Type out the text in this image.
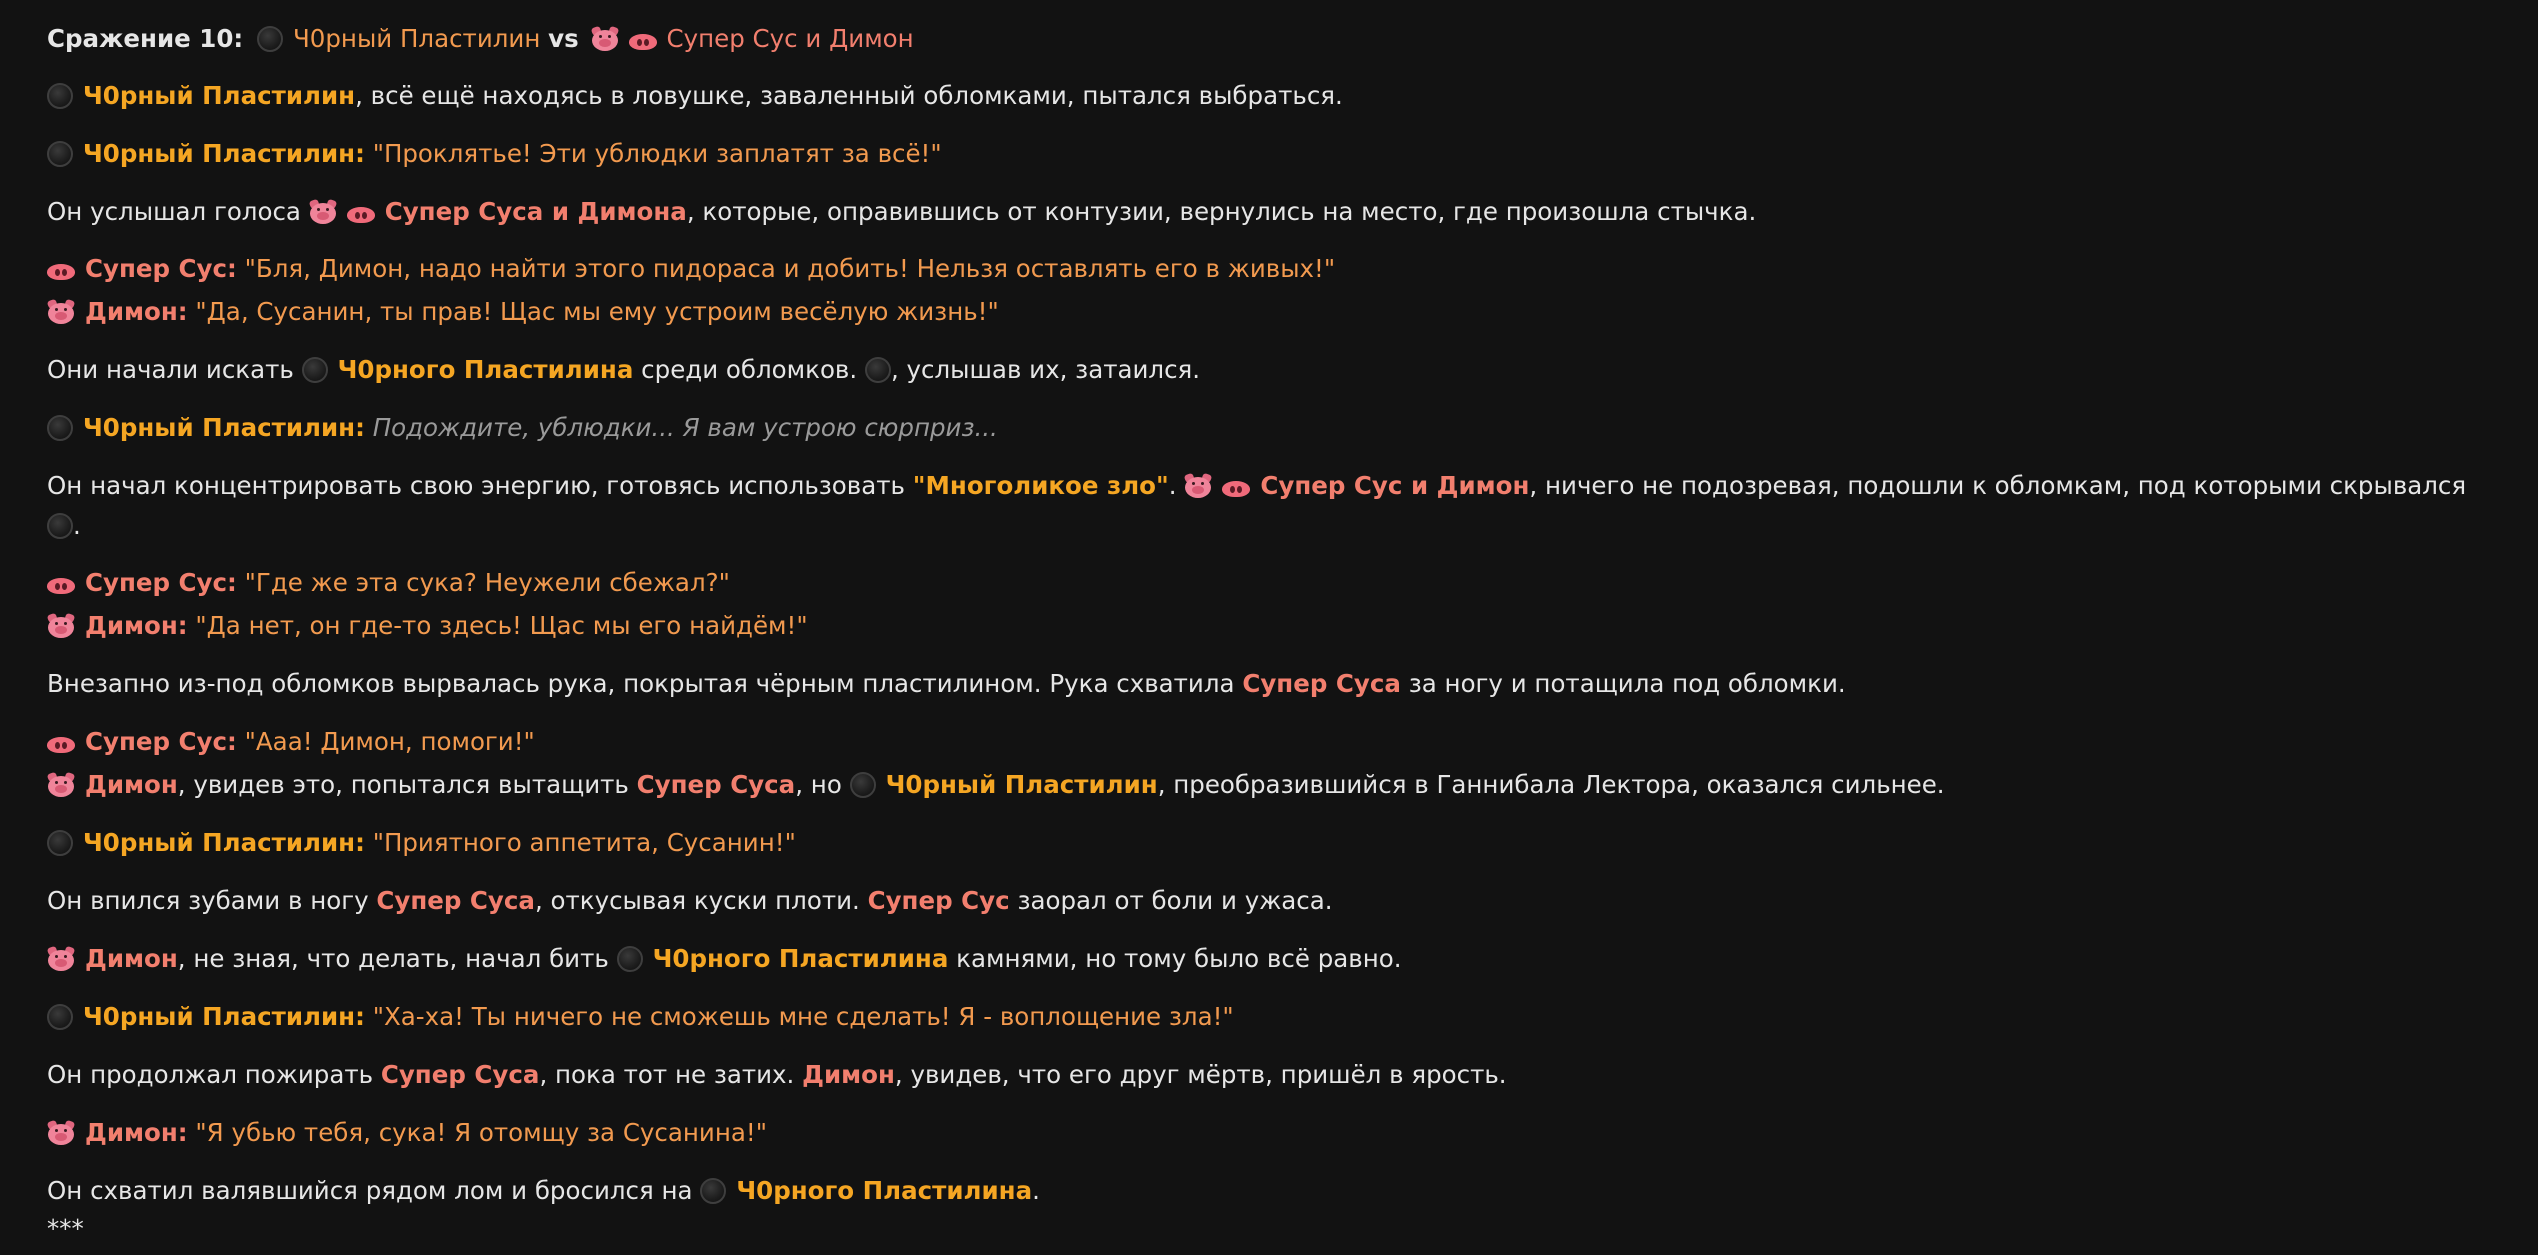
Сражение 10: Ч0рный Пластилин vs	Супер Сус и Димон
Ч0рный Пластилин, всё ещё находясь в ловушке, заваленный обломками, пытался выбраться.
Ч0рный Пластилин: "Проклятье! Эти ублюдки заплатят за всё!"
Он услышал голоса	Супер Суса и Димона, которые, оправившись от контузии, вернулись на место, где произошла стычка.
Супер Сус: "Бля, Димон, надо найти этого пидораса и добить! Нельзя оставлять его в живых!"
Димон: "Да, Сусанин, ты прав! Щас мы ему устроим весёлую жизнь!"
Они начали искать Ч0рного Пластилина среди обломков. , услышав их, затаился.
Ч0рный Пластилин: Подождите, ублюдки... Я вам устрою сюрприз...
Он начал концентрировать свою энергию, готовясь использовать "Многоликое зло".	Супер Сус и Димон, ничего не подозревая, подошли к обломкам, под которыми скрывался
.
Супер Сус: "Где же эта сука? Неужели сбежал?"
Димон: "Да нет, он где-то здесь! Щас мы его найдём!"
Внезапно из-под обломков вырвалась рука, покрытая чёрным пластилином. Рука схватила Супер Суса за ногу и потащила под обломки.
Супер Сус: "Ааа! Димон, помоги!"
Димон, увидев это, попытался вытащить Супер Суса, но Ч0рный Пластилин, преобразившийся в Ганнибала Лектора, оказался сильнее.
Ч0рный Пластилин: "Приятного аппетита, Сусанин!"
Он впился зубами в ногу Супер Суса, откусывая куски плоти. Супер Сус заорал от боли и ужаса.
Димон, не зная, что делать, начал бить Ч0рного Пластилина камнями, но тому было всё равно.
Ч0рный Пластилин: "Ха-ха! Ты ничего не сможешь мне сделать! Я - воплощение зла!"
Он продолжал пожирать Супер Суса, пока тот не затих. Димон, увидев, что его друг мёртв, пришёл в ярость.
Димон: "Я убью тебя, сука! Я отомщу за Сусанина!"
Он схватил валявшийся рядом лом и бросился на Ч0рного Пластилина.
***
